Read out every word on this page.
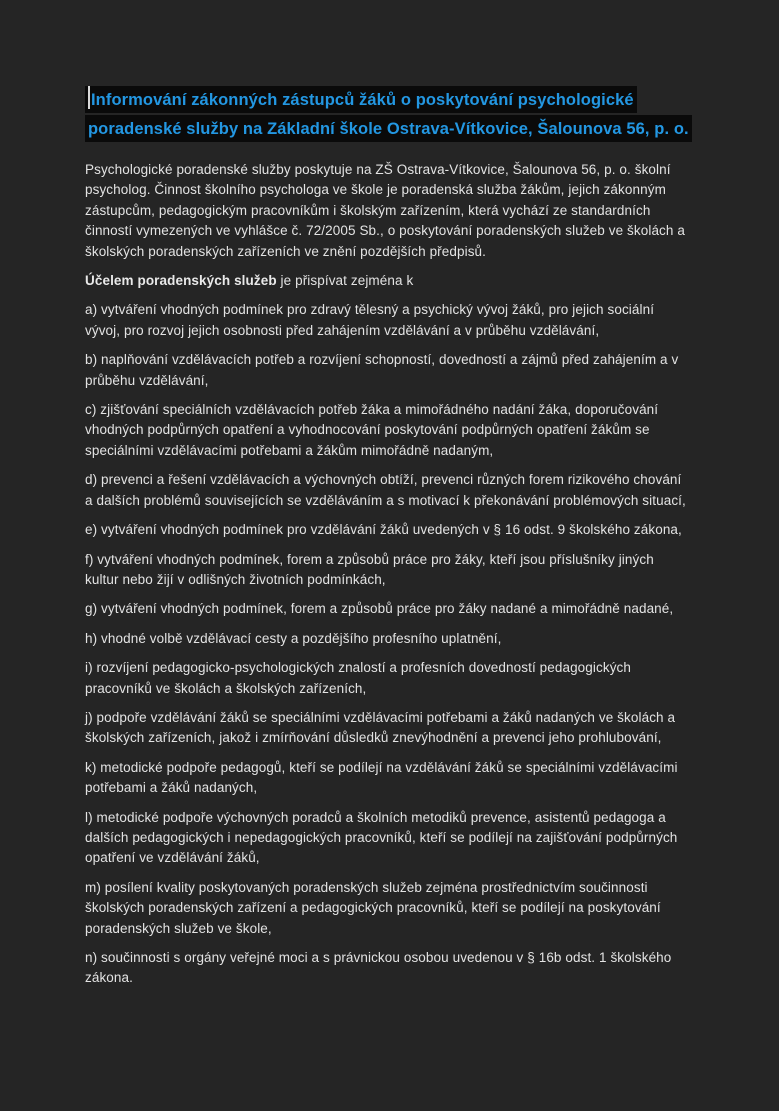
Informování zákonných zástupců žáků o poskytování psychologické
poradenské služby na Základní škole Ostrava-Vítkovice, Šalounova 56, p. o.

Psychologické poradenské služby poskytuje na ZŠ Ostrava-Vítkovice, Šalounova 56, p. o. školní psycholog. Činnost školního psychologa ve škole je poradenská služba žákům, jejich zákonným zástupcům, pedagogickým pracovníkům i školským zařízením, která vychází ze standardních činností vymezených ve vyhlášce č. 72/2005 Sb., o poskytování poradenských služeb ve školách a školských poradenských zařízeních ve znění pozdějších předpisů.

Účelem poradenských služeb je přispívat zejména k

a) vytváření vhodných podmínek pro zdravý tělesný a psychický vývoj žáků, pro jejich sociální vývoj, pro rozvoj jejich osobnosti před zahájením vzdělávání a v průběhu vzdělávání,

b) naplňování vzdělávacích potřeb a rozvíjení schopností, dovedností a zájmů před zahájením a v průběhu vzdělávání,

c) zjišťování speciálních vzdělávacích potřeb žáka a mimořádného nadání žáka, doporučování vhodných podpůrných opatření a vyhodnocování poskytování podpůrných opatření žákům se speciálními vzdělávacími potřebami a žákům mimořádně nadaným,

d) prevenci a řešení vzdělávacích a výchovných obtíží, prevenci různých forem rizikového chování a dalších problémů souvisejících se vzděláváním a s motivací k překonávání problémových situací,

e) vytváření vhodných podmínek pro vzdělávání žáků uvedených v § 16 odst. 9 školského zákona,

f) vytváření vhodných podmínek, forem a způsobů práce pro žáky, kteří jsou příslušníky jiných kultur nebo žijí v odlišných životních podmínkách,

g) vytváření vhodných podmínek, forem a způsobů práce pro žáky nadané a mimořádně nadané,

h) vhodné volbě vzdělávací cesty a pozdějšího profesního uplatnění,

i) rozvíjení pedagogicko-psychologických znalostí a profesních dovedností pedagogických pracovníků ve školách a školských zařízeních,

j) podpoře vzdělávání žáků se speciálními vzdělávacími potřebami a žáků nadaných ve školách a školských zařízeních, jakož i zmírňování důsledků znevýhodnění a prevenci jeho prohlubování,

k) metodické podpoře pedagogů, kteří se podílejí na vzdělávání žáků se speciálními vzdělávacími potřebami a žáků nadaných,

l) metodické podpoře výchovných poradců a školních metodiků prevence, asistentů pedagoga a dalších pedagogických i nepedagogických pracovníků, kteří se podílejí na zajišťování podpůrných opatření ve vzdělávání žáků,

m) posílení kvality poskytovaných poradenských služeb zejména prostřednictvím součinnosti školských poradenských zařízení a pedagogických pracovníků, kteří se podílejí na poskytování poradenských služeb ve škole,

n) součinnosti s orgány veřejné moci a s právnickou osobou uvedenou v § 16b odst. 1 školského zákona.
